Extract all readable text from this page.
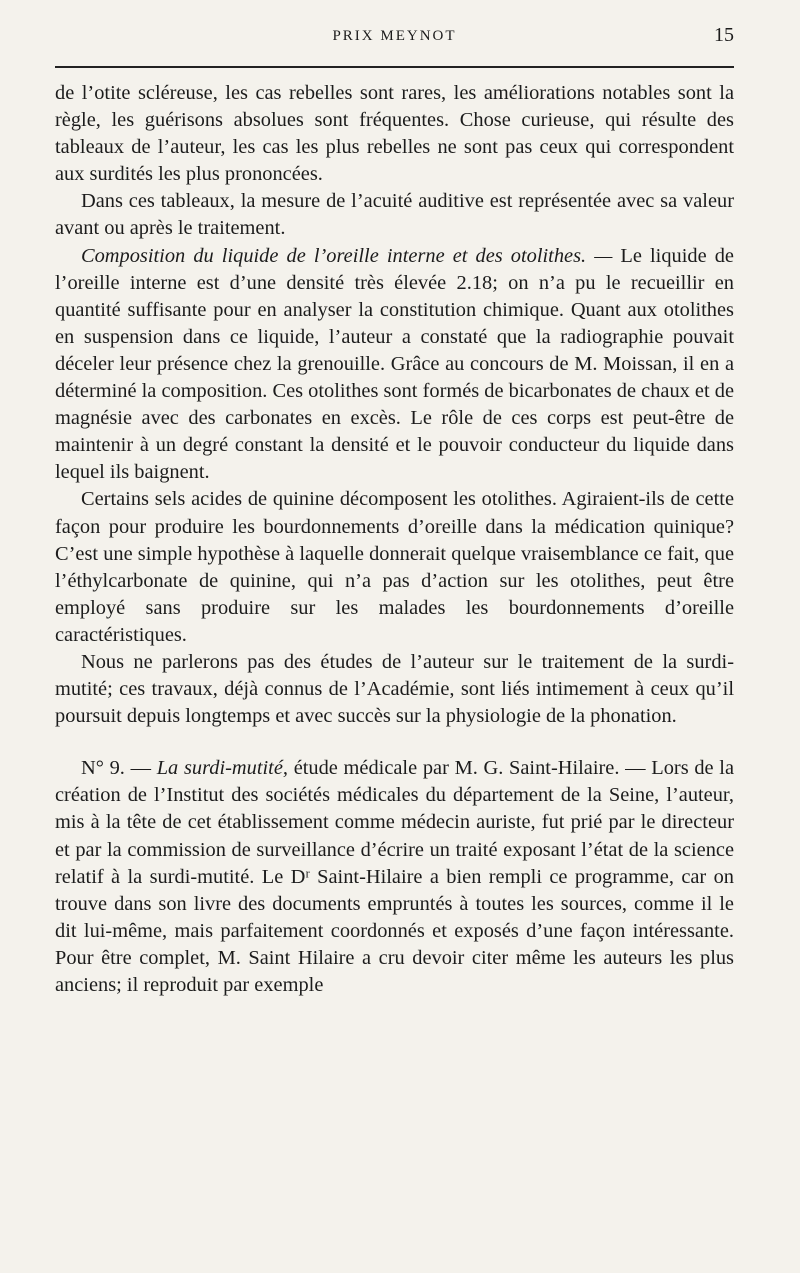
PRIX MEYNOT	15

de l’otite scléreuse, les cas rebelles sont rares, les améliorations notables sont la règle, les guérisons absolues sont fréquentes. Chose curieuse, qui résulte des tableaux de l’auteur, les cas les plus rebelles ne sont pas ceux qui correspondent aux surdités les plus prononcées.

Dans ces tableaux, la mesure de l’acuité auditive est représentée avec sa valeur avant ou après le traitement.

Composition du liquide de l’oreille interne et des otolithes. — Le liquide de l’oreille interne est d’une densité très élevée 2.18; on n’a pu le recueillir en quantité suffisante pour en analyser la constitution chimique. Quant aux otolithes en suspension dans ce liquide, l’auteur a constaté que la radiographie pouvait déceler leur présence chez la grenouille. Grâce au concours de M. Moissan, il en a déterminé la composition. Ces otolithes sont formés de bicarbonates de chaux et de magnésie avec des carbonates en excès. Le rôle de ces corps est peut-être de maintenir à un degré constant la densité et le pouvoir conducteur du liquide dans lequel ils baignent.

Certains sels acides de quinine décomposent les otolithes. Agiraient-ils de cette façon pour produire les bourdonnements d’oreille dans la médication quinique? C’est une simple hypothèse à laquelle donnerait quelque vraisemblance ce fait, que l’éthylcarbonate de quinine, qui n’a pas d’action sur les otolithes, peut être employé sans produire sur les malades les bourdonnements d’oreille caractéristiques.

Nous ne parlerons pas des études de l’auteur sur le traitement de la surdi-mutité; ces travaux, déjà connus de l’Académie, sont liés intimement à ceux qu’il poursuit depuis longtemps et avec succès sur la physiologie de la phonation.

N° 9. — La surdi-mutité, étude médicale par M. G. Saint-Hilaire. — Lors de la création de l’Institut des sociétés médicales du département de la Seine, l’auteur, mis à la tête de cet établissement comme médecin auriste, fut prié par le directeur et par la commission de surveillance d’écrire un traité exposant l’état de la science relatif à la surdi-mutité. Le Dʳ Saint-Hilaire a bien rempli ce programme, car on trouve dans son livre des documents empruntés à toutes les sources, comme il le dit lui-même, mais parfaitement coordonnés et exposés d’une façon intéressante. Pour être complet, M. Saint Hilaire a cru devoir citer même les auteurs les plus anciens; il reproduit par exemple
